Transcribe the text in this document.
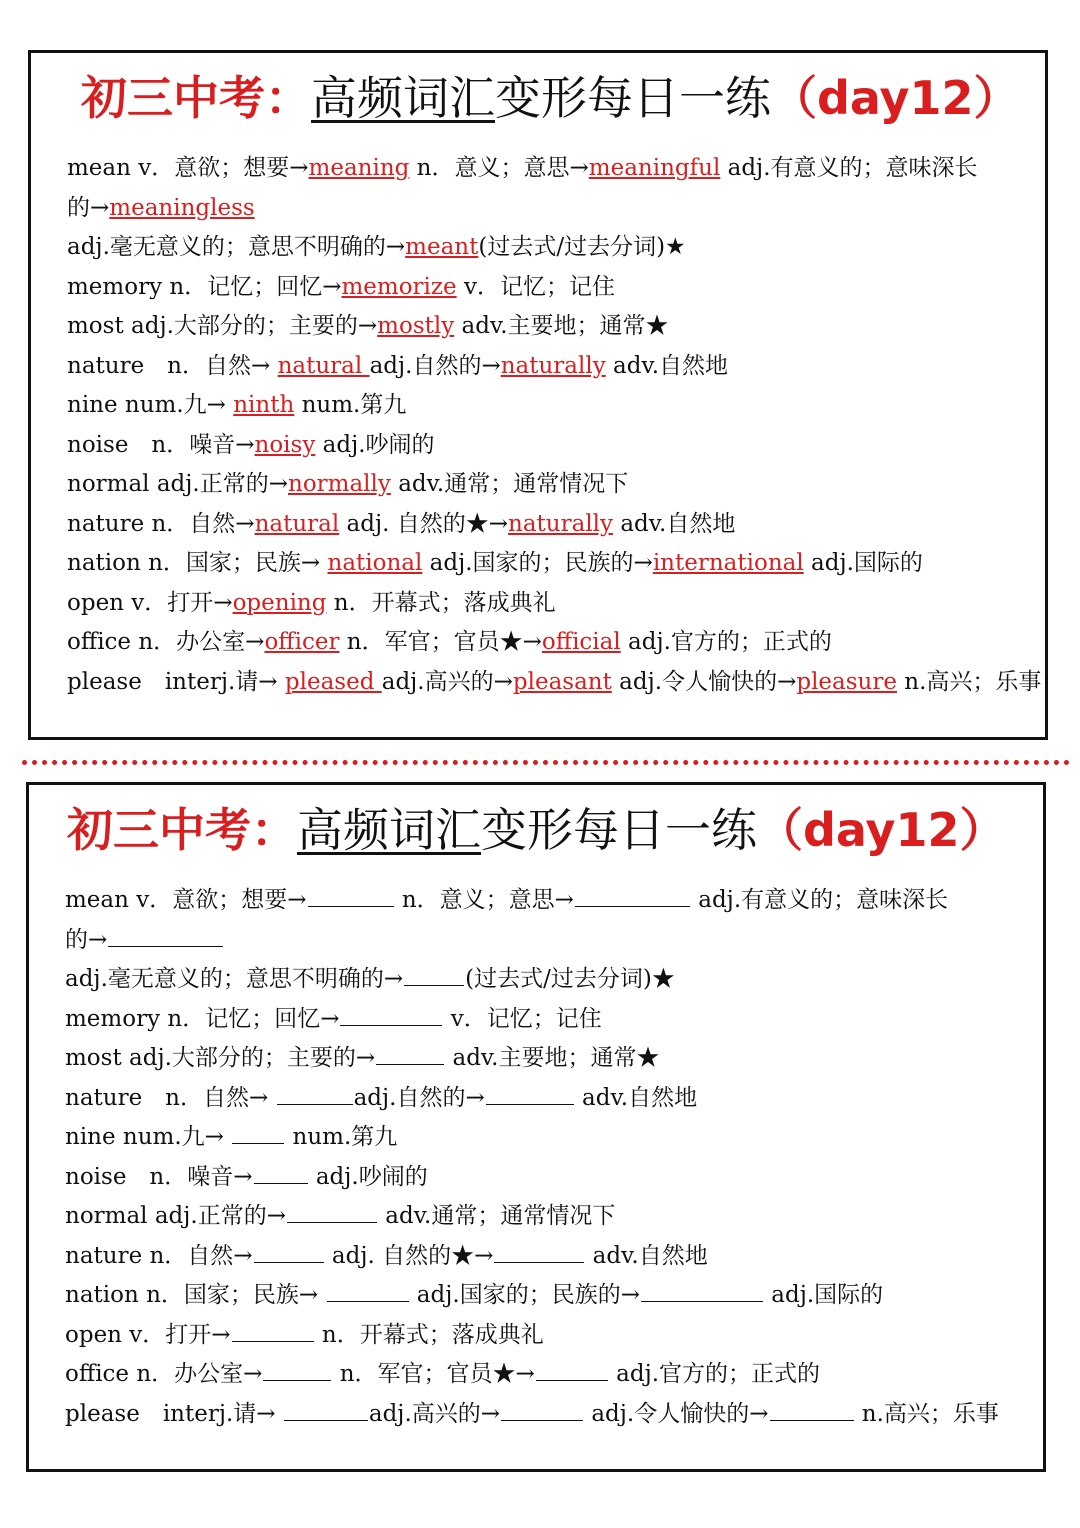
初三中考：高频词汇变形每日一练（day12）
mean v．意欲；想要→meaning n．意义；意思→meaningful adj.有意义的；意味深长
的→meaningless
adj.毫无意义的；意思不明确的→meant(过去式/过去分词)★
memory n．记忆；回忆→memorize v．记忆；记住
most adj.大部分的；主要的→mostly adv.主要地；通常★
nature　n．自然→ natural adj.自然的→naturally adv.自然地
nine num.九→ ninth num.第九
noise　n．噪音→noisy adj.吵闹的
normal adj.正常的→normally adv.通常；通常情况下
nature n．自然→natural adj. 自然的★→naturally adv.自然地
nation n．国家；民族→ national adj.国家的；民族的→international adj.国际的
open v．打开→opening n．开幕式；落成典礼
office n．办公室→officer n．军官；官员★→official adj.官方的；正式的
please　interj.请→ pleased adj.高兴的→pleasant adj.令人愉快的→pleasure n.高兴；乐事
初三中考：高频词汇变形每日一练（day12）
mean v．意欲；想要→	n．意义；意思→	adj.有意义的；意味深长
的→
adj.毫无意义的；意思不明确的→	(过去式/过去分词)★
memory n．记忆；回忆→	v．记忆；记住
most adj.大部分的；主要的→	adv.主要地；通常★
nature　n．自然→	adj.自然的→	adv.自然地
nine num.九→  num.第九
noise　n．噪音→ adj.吵闹的
normal adj.正常的→	adv.通常；通常情况下
nature n．自然→	adj. 自然的★→	adv.自然地
nation n．国家；民族→	adj.国家的；民族的→	adj.国际的
open v．打开→	n．开幕式；落成典礼
office n．办公室→	n．军官；官员★→	adj.官方的；正式的
please　interj.请→	adj.高兴的→	adj.令人愉快的→	n.高兴；乐事
